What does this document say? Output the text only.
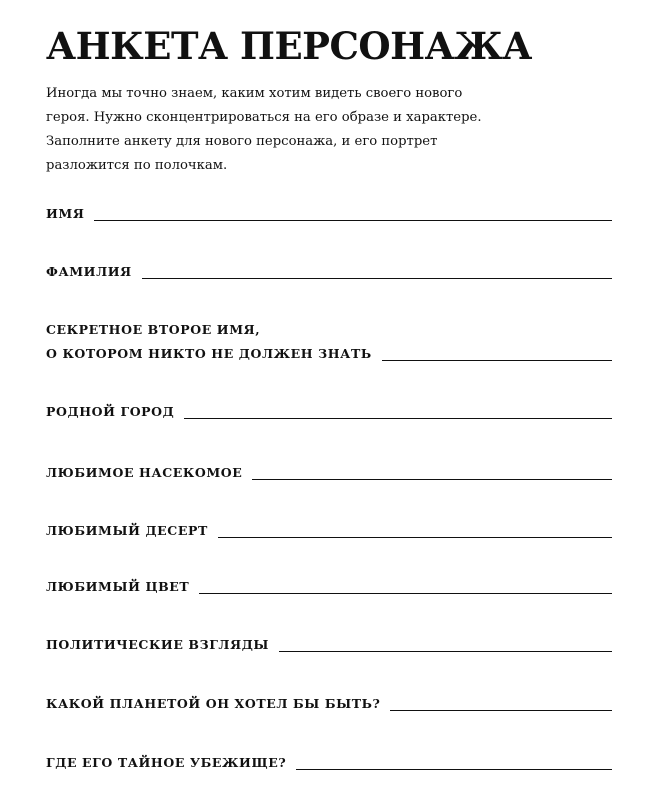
АНКЕТА ПЕРСОНАЖА
Иногда мы точно знаем, каким хотим видеть своего нового
героя. Нужно сконцентрироваться на его образе и характере.
Заполните анкету для нового персонажа, и его портрет
разложится по полочкам.
ИМЯ
ФАМИЛИЯ
СЕКРЕТНОЕ ВТОРОЕ ИМЯ,
О КОТОРОМ НИКТО НЕ ДОЛЖЕН ЗНАТЬ
РОДНОЙ ГОРОД
ЛЮБИМОЕ НАСЕКОМОЕ
ЛЮБИМЫЙ ДЕСЕРТ
ЛЮБИМЫЙ ЦВЕТ
ПОЛИТИЧЕСКИЕ ВЗГЛЯДЫ
КАКОЙ ПЛАНЕТОЙ ОН ХОТЕЛ БЫ БЫТЬ?
ГДЕ ЕГО ТАЙНОЕ УБЕЖИЩЕ?
